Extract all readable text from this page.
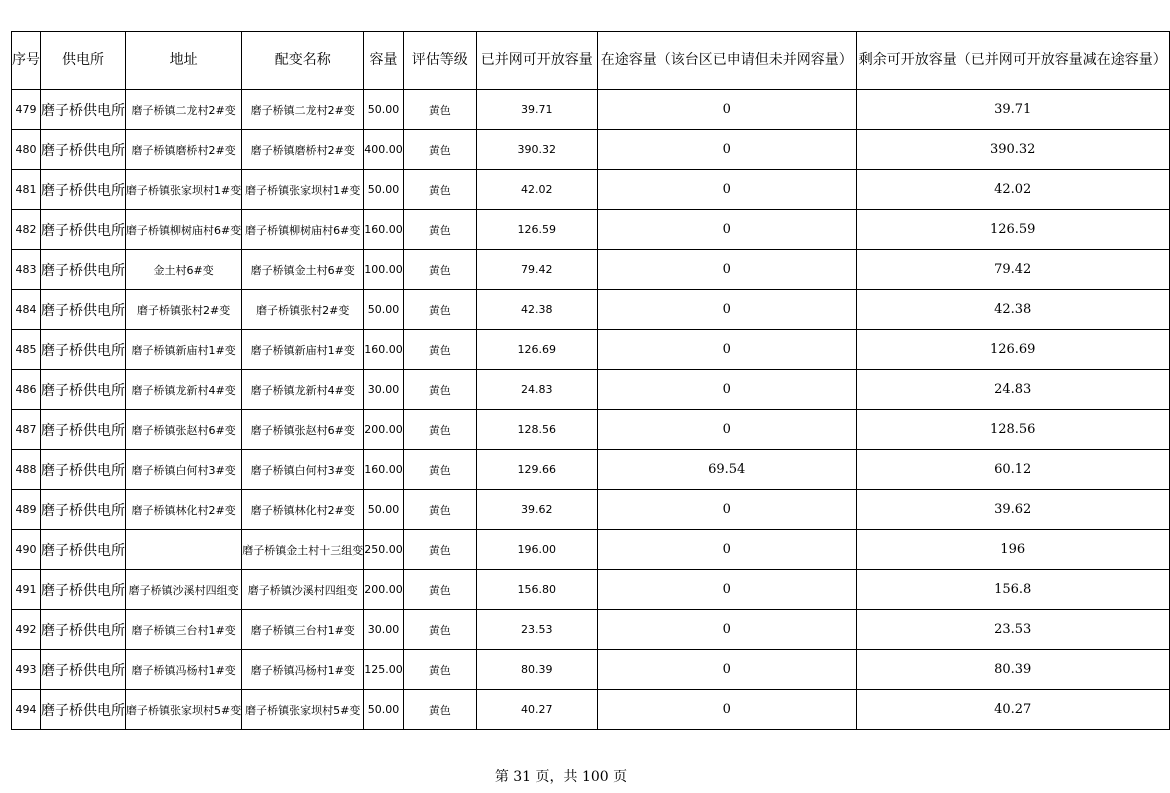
序号	供电所	地址	配变名称	容量	评估等级	已并网可开放容量	在途容量（该台区已申请但未并网容量）	剩余可开放容量（已并网可开放容量减在途容量）
479	磨子桥供电所	磨子桥镇二龙村2#变	磨子桥镇二龙村2#变	50.00	黄色	39.71	0	39.71
480	磨子桥供电所	磨子桥镇磨桥村2#变	磨子桥镇磨桥村2#变	400.00	黄色	390.32	0	390.32
481	磨子桥供电所	磨子桥镇张家坝村1#变	磨子桥镇张家坝村1#变	50.00	黄色	42.02	0	42.02
482	磨子桥供电所	磨子桥镇柳树庙村6#变	磨子桥镇柳树庙村6#变	160.00	黄色	126.59	0	126.59
483	磨子桥供电所	金土村6#变	磨子桥镇金土村6#变	100.00	黄色	79.42	0	79.42
484	磨子桥供电所	磨子桥镇张村2#变	磨子桥镇张村2#变	50.00	黄色	42.38	0	42.38
485	磨子桥供电所	磨子桥镇新庙村1#变	磨子桥镇新庙村1#变	160.00	黄色	126.69	0	126.69
486	磨子桥供电所	磨子桥镇龙新村4#变	磨子桥镇龙新村4#变	30.00	黄色	24.83	0	24.83
487	磨子桥供电所	磨子桥镇张赵村6#变	磨子桥镇张赵村6#变	200.00	黄色	128.56	0	128.56
488	磨子桥供电所	磨子桥镇白何村3#变	磨子桥镇白何村3#变	160.00	黄色	129.66	69.54	60.12
489	磨子桥供电所	磨子桥镇林化村2#变	磨子桥镇林化村2#变	50.00	黄色	39.62	0	39.62
490	磨子桥供电所		磨子桥镇金土村十三组变	250.00	黄色	196.00	0	196
491	磨子桥供电所	磨子桥镇沙溪村四组变	磨子桥镇沙溪村四组变	200.00	黄色	156.80	0	156.8
492	磨子桥供电所	磨子桥镇三台村1#变	磨子桥镇三台村1#变	30.00	黄色	23.53	0	23.53
493	磨子桥供电所	磨子桥镇冯杨村1#变	磨子桥镇冯杨村1#变	125.00	黄色	80.39	0	80.39
494	磨子桥供电所	磨子桥镇张家坝村5#变	磨子桥镇张家坝村5#变	50.00	黄色	40.27	0	40.27
第 31 页，共 100 页
